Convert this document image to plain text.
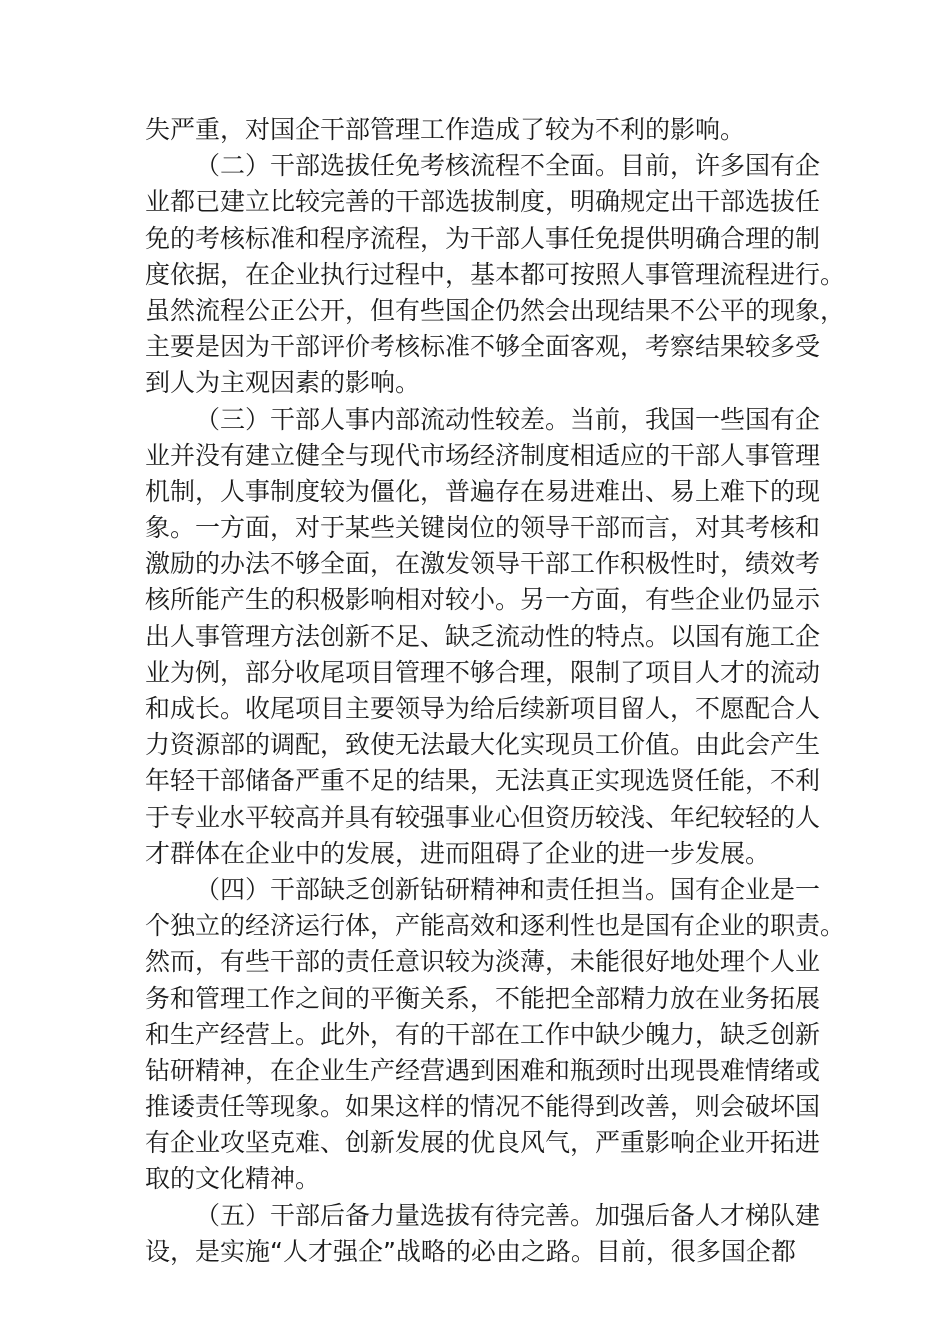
失严重，对国企干部管理工作造成了较为不利的影响。
（二）干部选拔任免考核流程不全面。目前，许多国有企
业都已建立比较完善的干部选拔制度，明确规定出干部选拔任
免的考核标准和程序流程，为干部人事任免提供明确合理的制
度依据，在企业执行过程中，基本都可按照人事管理流程进行。
虽然流程公正公开，但有些国企仍然会出现结果不公平的现象，
主要是因为干部评价考核标准不够全面客观，考察结果较多受
到人为主观因素的影响。
（三）干部人事内部流动性较差。当前，我国一些国有企
业并没有建立健全与现代市场经济制度相适应的干部人事管理
机制，人事制度较为僵化，普遍存在易进难出、易上难下的现
象。一方面，对于某些关键岗位的领导干部而言，对其考核和
激励的办法不够全面，在激发领导干部工作积极性时，绩效考
核所能产生的积极影响相对较小。另一方面，有些企业仍显示
出人事管理方法创新不足、缺乏流动性的特点。以国有施工企
业为例，部分收尾项目管理不够合理，限制了项目人才的流动
和成长。收尾项目主要领导为给后续新项目留人，不愿配合人
力资源部的调配，致使无法最大化实现员工价值。由此会产生
年轻干部储备严重不足的结果，无法真正实现选贤任能，不利
于专业水平较高并具有较强事业心但资历较浅、年纪较轻的人
才群体在企业中的发展，进而阻碍了企业的进一步发展。
（四）干部缺乏创新钻研精神和责任担当。国有企业是一
个独立的经济运行体，产能高效和逐利性也是国有企业的职责。
然而，有些干部的责任意识较为淡薄，未能很好地处理个人业
务和管理工作之间的平衡关系，不能把全部精力放在业务拓展
和生产经营上。此外，有的干部在工作中缺少魄力，缺乏创新
钻研精神，在企业生产经营遇到困难和瓶颈时出现畏难情绪或
推诿责任等现象。如果这样的情况不能得到改善，则会破坏国
有企业攻坚克难、创新发展的优良风气，严重影响企业开拓进
取的文化精神。
（五）干部后备力量选拔有待完善。加强后备人才梯队建
设，是实施“人才强企”战略的必由之路。目前，很多国企都
